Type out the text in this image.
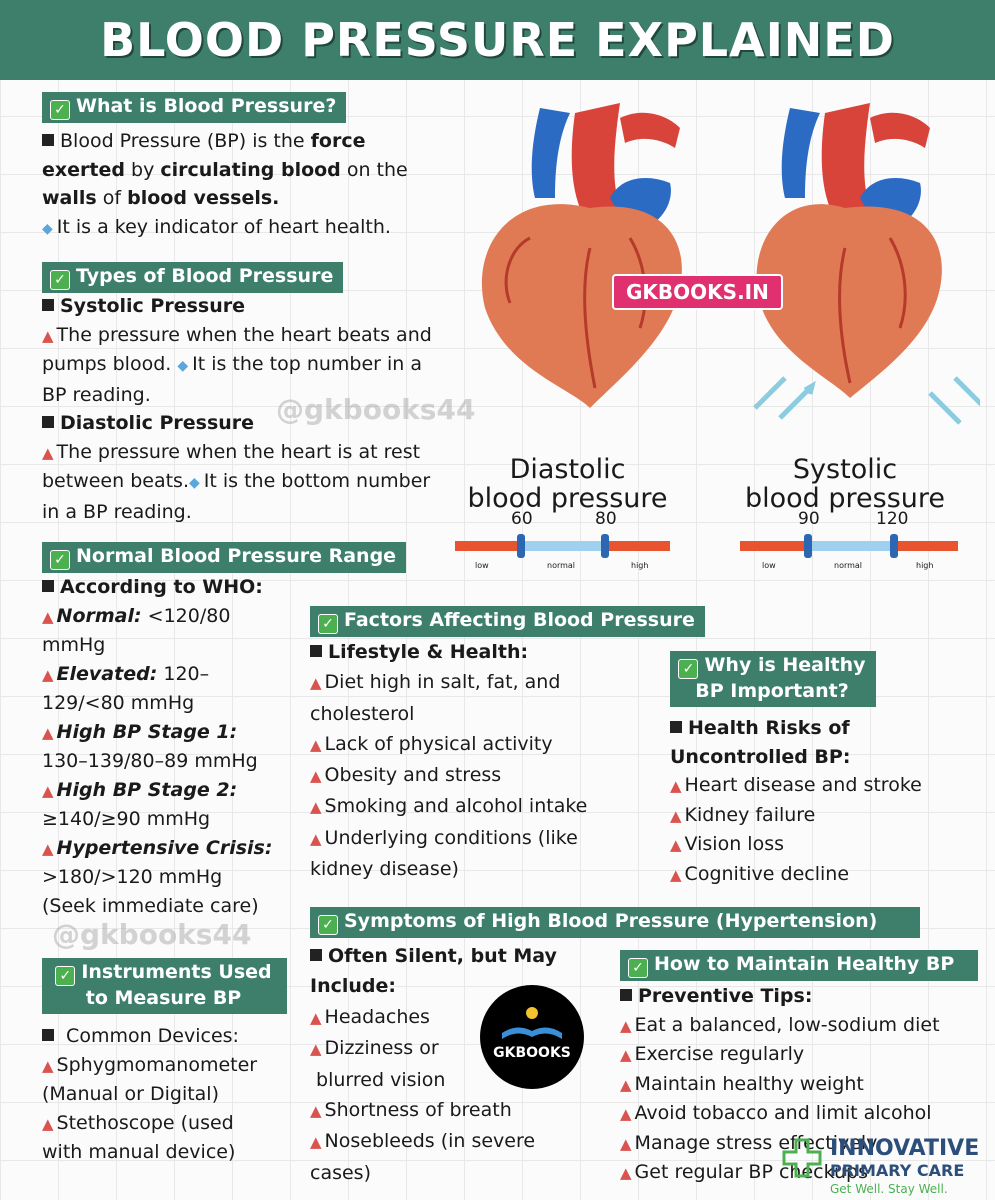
BLOOD PRESSURE EXPLAINED
✓ What is Blood Pressure?

Blood Pressure (BP) is the force

exerted by circulating blood on the

walls of blood vessels.

◆ It is a key indicator of heart health.

✓ Types of Blood Pressure

Systolic Pressure

▲ The pressure when the heart beats and

pumps blood. ◆ It is the top number in a

BP reading.

Diastolic Pressure

▲ The pressure when the heart is at rest

between beats.◆ It is the bottom number

in a BP reading.

@gkbooks44
GKBOOKS.IN
Diastolic
blood pressure
Systolic
blood pressure
60	80
low	normal	high
90	120
low	normal	high
✓ Normal Blood Pressure Range

According to WHO:

▲ Normal: <120/80

mmHg

▲ Elevated: 120–

129/<80 mmHg

▲ High BP Stage 1:

130–139/80–89 mmHg

▲ High BP Stage 2:

≥140/≥90 mmHg

▲ Hypertensive Crisis:

>180/>120 mmHg

(Seek immediate care)

@gkbooks44
✓ Instruments Used
to Measure BP

Common Devices:

▲ Sphygmomanometer

(Manual or Digital)

▲ Stethoscope (used

with manual device)

✓ Factors Affecting Blood Pressure

Lifestyle & Health:

▲ Diet high in salt, fat, and

cholesterol

▲ Lack of physical activity

▲ Obesity and stress

▲ Smoking and alcohol intake

▲ Underlying conditions (like

kidney disease)

✓ Why is Healthy
BP Important?

Health Risks of

Uncontrolled BP:

▲ Heart disease and stroke

▲ Kidney failure

▲ Vision loss

▲ Cognitive decline

✓ Symptoms of High Blood Pressure (Hypertension)

Often Silent, but May

Include:

▲ Headaches

▲ Dizziness or

blurred vision

▲ Shortness of breath

▲ Nosebleeds (in severe

cases)

GKBOOKS
✓ How to Maintain Healthy BP

Preventive Tips:

▲ Eat a balanced, low-sodium diet

▲ Exercise regularly

▲ Maintain healthy weight

▲ Avoid tobacco and limit alcohol

▲ Manage stress effectively

▲ Get regular BP checkups

INNOVATIVE
PRIMARY CARE
Get Well. Stay Well.
